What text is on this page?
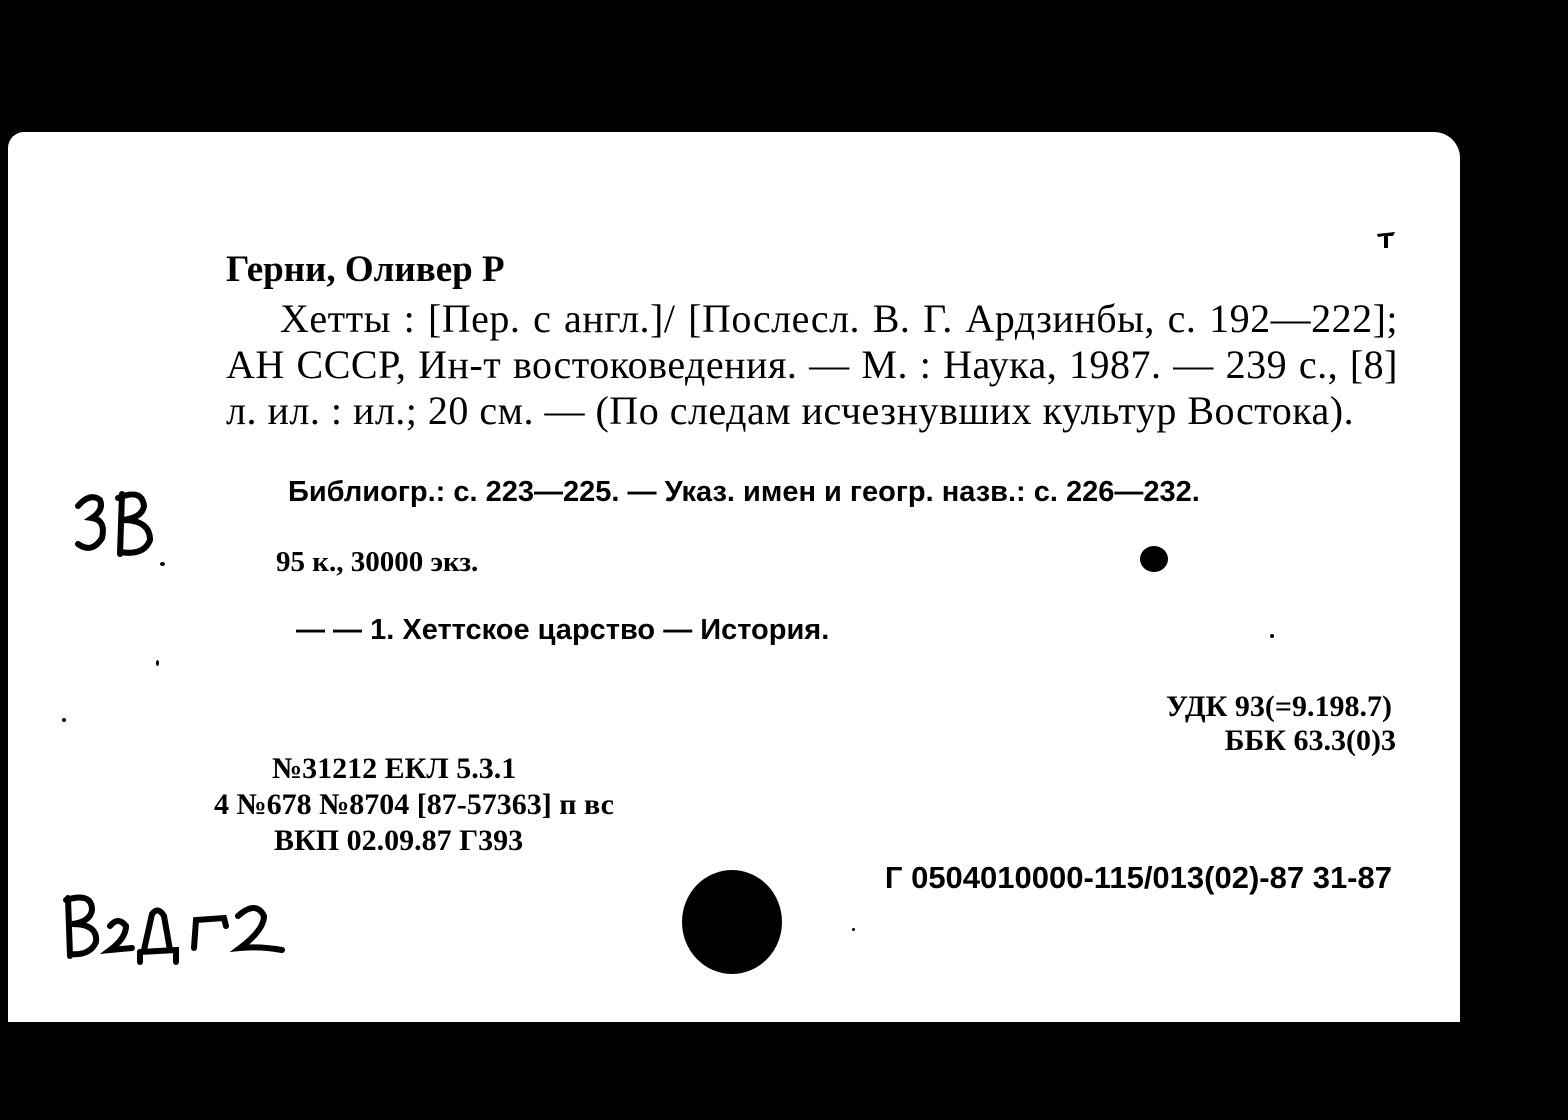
Герни, Оливер Р
Хетты : [Пер. с англ.]/ [Послесл. В. Г. Ардзинбы, с. 192—222]; АН СССР, Ин-т востоковедения. — М. : Наука, 1987. — 239 с., [8] л. ил. : ил.; 20 см. — (По следам исчезнувших культур Востока).
Библиогр.: с. 223—225. — Указ. имен и геогр. назв.: с. 226—232.
95 к., 30000 экз.
— — 1. Хеттское царство — История.
УДК 93(=9.198.7)
ББК 63.3(0)3
№31212 ЕКЛ 5.3.1
4 №678 №8704 [87-57363] п вс
ВКП 02.09.87 Г393
Г 0504010000-115/013(02)-87 31-87
